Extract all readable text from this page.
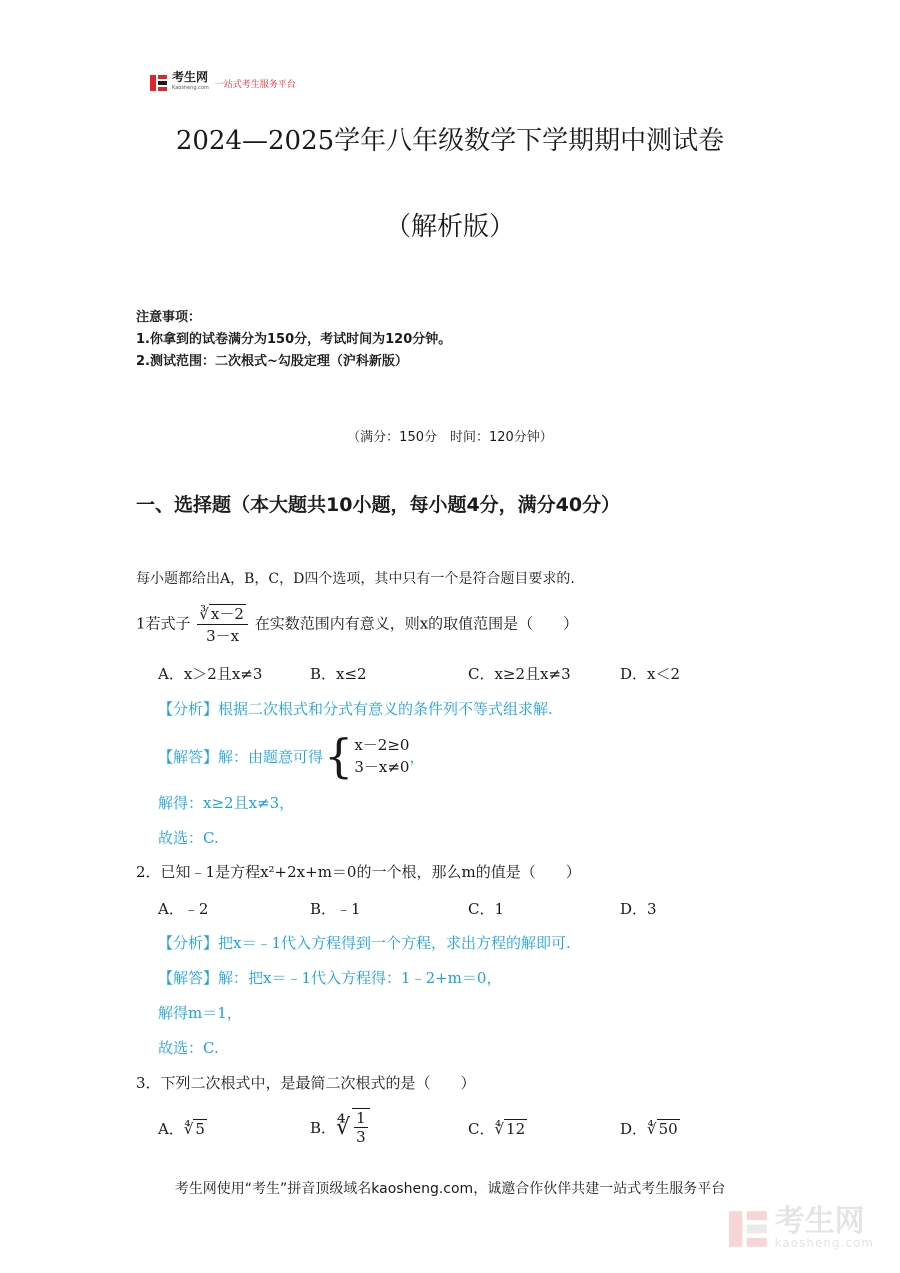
考生网
Kaosheng.com 一站式考生服务平台
2024—2025学年八年级数学下学期期中测试卷
（解析版）
注意事项：
1.你拿到的试卷满分为150分，考试时间为120分钟。
2.测试范围：二次根式~勾股定理（沪科新版）
（满分：150分　时间：120分钟）
一、选择题（本大题共10小题，每小题4分，满分40分）
每小题都给出A，B，C，D四个选项，其中只有一个是符合题目要求的.
1若式子 $\frac{∛ x-2}{3-x}$ 在实数范围内有意义，则x的取值范围是（　　）
A．x＞2且x≠3	B．x≤2	C．x≥2且x≠3	D．x＜2
【分析】根据二次根式和分式有意义的条件列不等式组求解.
【解答】 解：由题意可得 { x－2≥0
3－x≠0
，
解得：x≥2且x≠3，
故选：C.
2．已知﹣1是方程x²+2x+m＝0的一个根，那么m的值是（　　）
A．﹣2	B．﹣1	C．1	D．3
【分析】把x＝﹣1代入方程得到一个方程，求出方程的解即可.
【解答】解：把x＝﹣1代入方程得：1﹣2+m＝0，
解得m＝1，
故选：C.
3．下列二次根式中，是最简二次根式的是（　　）
A．∜ 5	B． ∜ $\frac{1}{3}$	C．∜ 12	D．∜ 50
考生网使用“考生”拼音顶级域名kaosheng.com，诚邀合作伙伴共建一站式考生服务平台
考生网
kaosheng.com
